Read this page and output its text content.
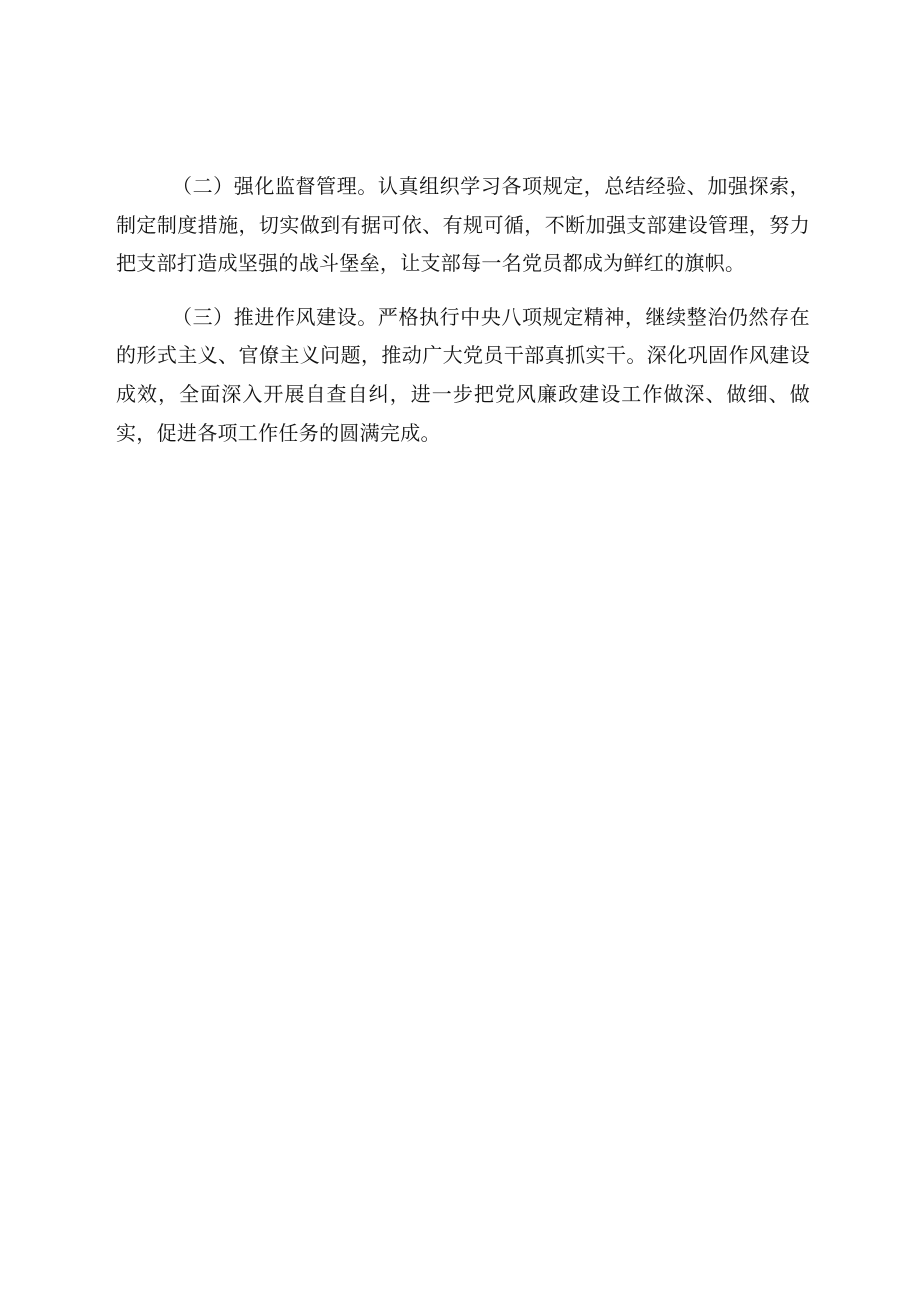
（二）强化监督管理。认真组织学习各项规定，总结经验、加强探索，制定制度措施，切实做到有据可依、有规可循，不断加强支部建设管理，努力把支部打造成坚强的战斗堡垒，让支部每一名党员都成为鲜红的旗帜。

（三）推进作风建设。严格执行中央八项规定精神，继续整治仍然存在的形式主义、官僚主义问题，推动广大党员干部真抓实干。深化巩固作风建设成效，全面深入开展自查自纠，进一步把党风廉政建设工作做深、做细、做实，促进各项工作任务的圆满完成。
